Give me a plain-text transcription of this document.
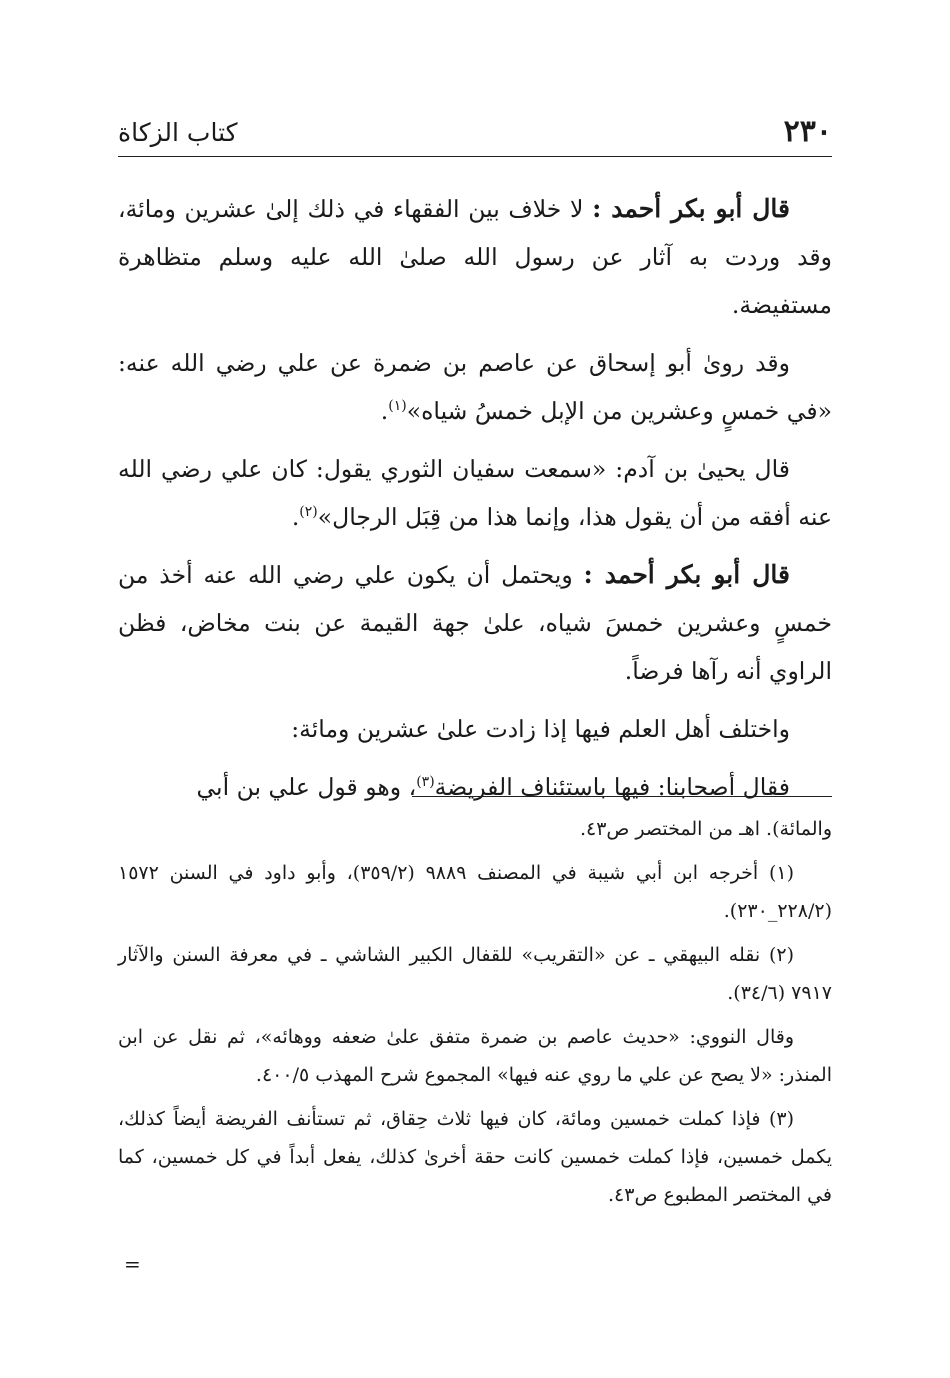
٢٣٠
كتاب الزكاة

قال أبو بكر أحمد : لا خلاف بين الفقهاء في ذلك إلىٰ عشرين ومائة، وقد وردت به آثار عن رسول الله صلىٰ الله عليه وسلم متظاهرة مستفيضة.

وقد روىٰ أبو إسحاق عن عاصم بن ضمرة عن علي رضي الله عنه: «في خمسٍ وعشرين من الإبل خمسُ شياه»$^{(١)}$.

قال يحيىٰ بن آدم: «سمعت سفيان الثوري يقول: كان علي رضي الله عنه أفقه من أن يقول هذا، وإنما هذا من قِبَل الرجال»$^{(٢)}$.

قال أبو بكر أحمد : ويحتمل أن يكون علي رضي الله عنه أخذ من خمسٍ وعشرين خمسَ شياه، علىٰ جهة القيمة عن بنت مخاض، فظن الراوي أنه رآها فرضاً.

واختلف أهل العلم فيها إذا زادت علىٰ عشرين ومائة:

فقال أصحابنا: فيها باستئناف الفريضة$^{(٣)}$، وهو قول علي بن أبي

والمائة). اهـ من المختصر ص٤٣.

(١) أخرجه ابن أبي شيبة في المصنف ٩٨٨٩ (٣٥٩/٢)، وأبو داود في السنن ١٥٧٢ (٢٢٨/٢_٢٣٠).

(٢) نقله البيهقي ـ عن «التقريب» للقفال الكبير الشاشي ـ في معرفة السنن والآثار ٧٩١٧ (٣٤/٦).

وقال النووي: «حديث عاصم بن ضمرة متفق علىٰ ضعفه ووهائه»، ثم نقل عن ابن المنذر: «لا يصح عن علي ما روي عنه فيها» المجموع شرح المهذب ٤٠٠/٥.

(٣) فإذا كملت خمسين ومائة، كان فيها ثلاث حِقاق، ثم تستأنف الفريضة أيضاً كذلك، يكمل خمسين، فإذا كملت خمسين كانت حقة أخرىٰ كذلك، يفعل أبداً في كل خمسين، كما في المختصر المطبوع ص٤٣.

=
